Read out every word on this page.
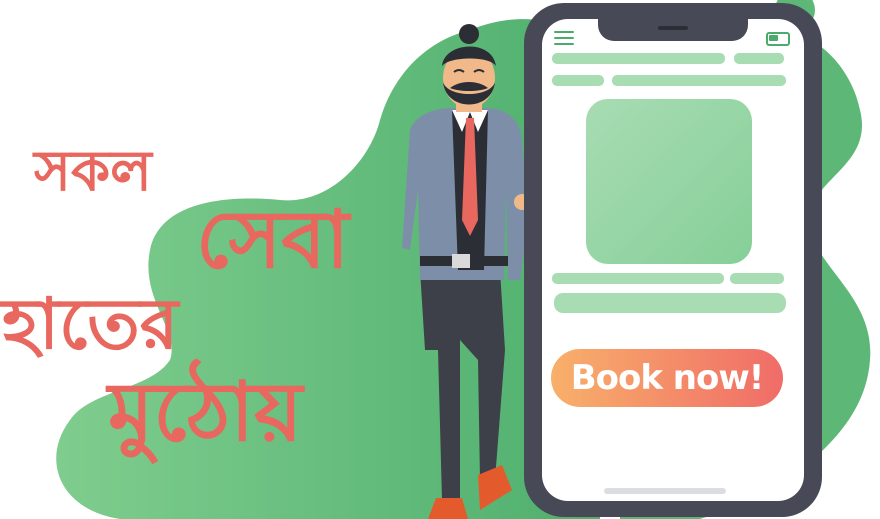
সকল
সেবা
হাতের
মুঠোয়	Book now!
